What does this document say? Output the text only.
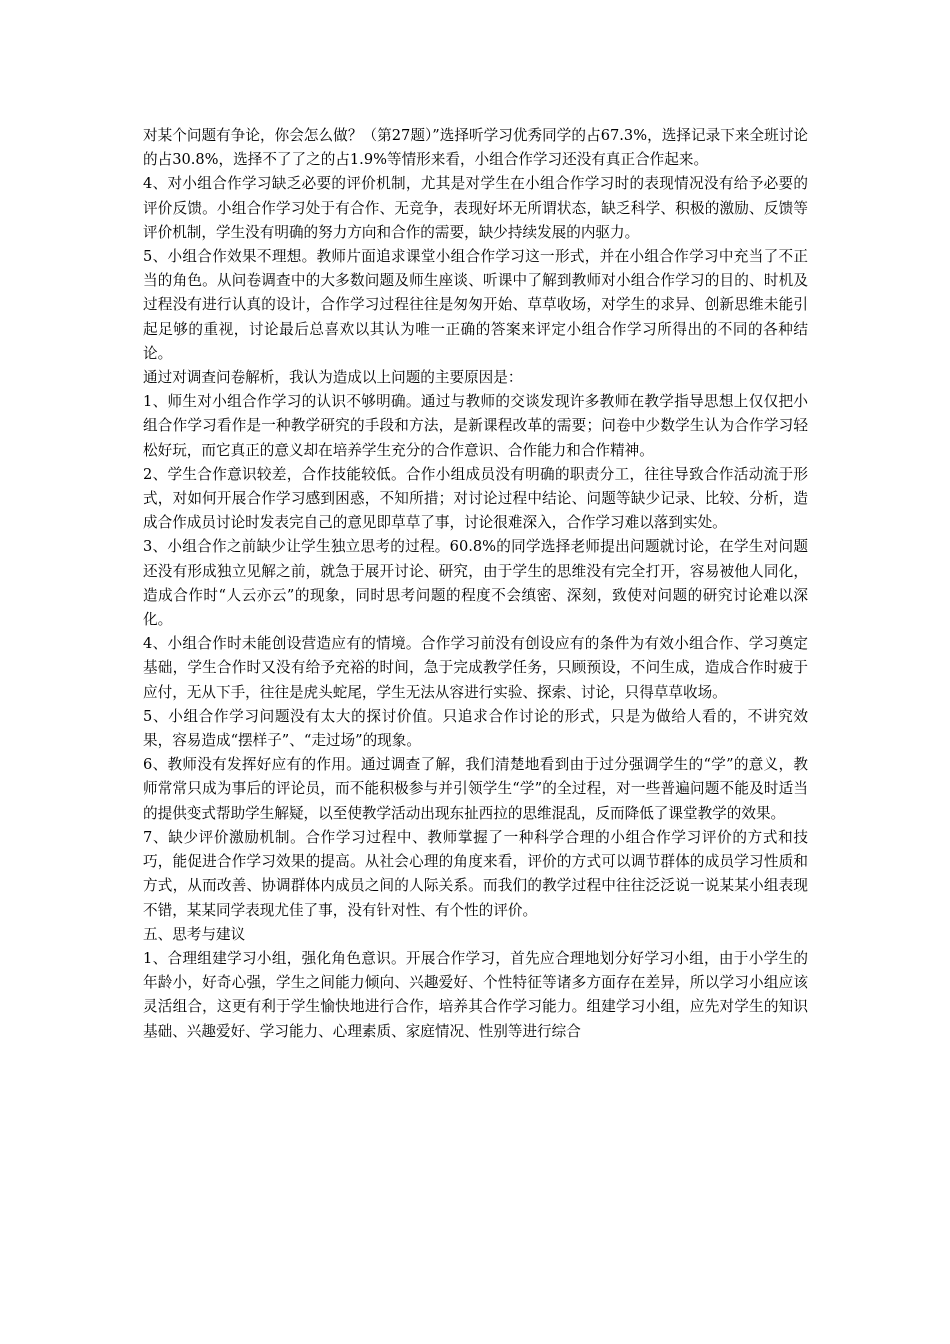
对某个问题有争论，你会怎么做？（第27题）”选择听学习优秀同学的占67.3%，选择记录下来全班讨论的占30.8%，选择不了了之的占1.9%等情形来看，小组合作学习还没有真正合作起来。

4、对小组合作学习缺乏必要的评价机制，尤其是对学生在小组合作学习时的表现情况没有给予必要的评价反馈。小组合作学习处于有合作、无竞争，表现好坏无所谓状态，缺乏科学、积极的激励、反馈等评价机制，学生没有明确的努力方向和合作的需要，缺少持续发展的内驱力。

5、小组合作效果不理想。教师片面追求课堂小组合作学习这一形式，并在小组合作学习中充当了不正当的角色。从问卷调查中的大多数问题及师生座谈、听课中了解到教师对小组合作学习的目的、时机及过程没有进行认真的设计，合作学习过程往往是匆匆开始、草草收场，对学生的求异、创新思维未能引起足够的重视，讨论最后总喜欢以其认为唯一正确的答案来评定小组合作学习所得出的不同的各种结论。

通过对调查问卷解析，我认为造成以上问题的主要原因是：

1、师生对小组合作学习的认识不够明确。通过与教师的交谈发现许多教师在教学指导思想上仅仅把小组合作学习看作是一种教学研究的手段和方法，是新课程改革的需要；问卷中少数学生认为合作学习轻松好玩，而它真正的意义却在培养学生充分的合作意识、合作能力和合作精神。

2、学生合作意识较差，合作技能较低。合作小组成员没有明确的职责分工，往往导致合作活动流于形式，对如何开展合作学习感到困惑，不知所措；对讨论过程中结论、问题等缺少记录、比较、分析，造成合作成员讨论时发表完自己的意见即草草了事，讨论很难深入，合作学习难以落到实处。

3、小组合作之前缺少让学生独立思考的过程。60.8%的同学选择老师提出问题就讨论，在学生对问题还没有形成独立见解之前，就急于展开讨论、研究，由于学生的思维没有完全打开，容易被他人同化，造成合作时“人云亦云”的现象，同时思考问题的程度不会缜密、深刻，致使对问题的研究讨论难以深化。

4、小组合作时未能创设营造应有的情境。合作学习前没有创设应有的条件为有效小组合作、学习奠定基础，学生合作时又没有给予充裕的时间，急于完成教学任务，只顾预设，不问生成，造成合作时疲于应付，无从下手，往往是虎头蛇尾，学生无法从容进行实验、探索、讨论，只得草草收场。

5、小组合作学习问题没有太大的探讨价值。只追求合作讨论的形式，只是为做给人看的，不讲究效果，容易造成“摆样子”、“走过场”的现象。

6、教师没有发挥好应有的作用。通过调查了解，我们清楚地看到由于过分强调学生的“学”的意义，教师常常只成为事后的评论员，而不能积极参与并引领学生“学”的全过程，对一些普遍问题不能及时适当的提供变式帮助学生解疑，以至使教学活动出现东扯西拉的思维混乱，反而降低了课堂教学的效果。

7、缺少评价激励机制。合作学习过程中、教师掌握了一种科学合理的小组合作学习评价的方式和技巧，能促进合作学习效果的提高。从社会心理的角度来看，评价的方式可以调节群体的成员学习性质和方式，从而改善、协调群体内成员之间的人际关系。而我们的教学过程中往往泛泛说一说某某小组表现不错，某某同学表现尤佳了事，没有针对性、有个性的评价。

五、思考与建议

1、合理组建学习小组，强化角色意识。开展合作学习，首先应合理地划分好学习小组，由于小学生的年龄小，好奇心强，学生之间能力倾向、兴趣爱好、个性特征等诸多方面存在差异，所以学习小组应该灵活组合，这更有利于学生愉快地进行合作，培养其合作学习能力。组建学习小组，应先对学生的知识基础、兴趣爱好、学习能力、心理素质、家庭情况、性别等进行综合
